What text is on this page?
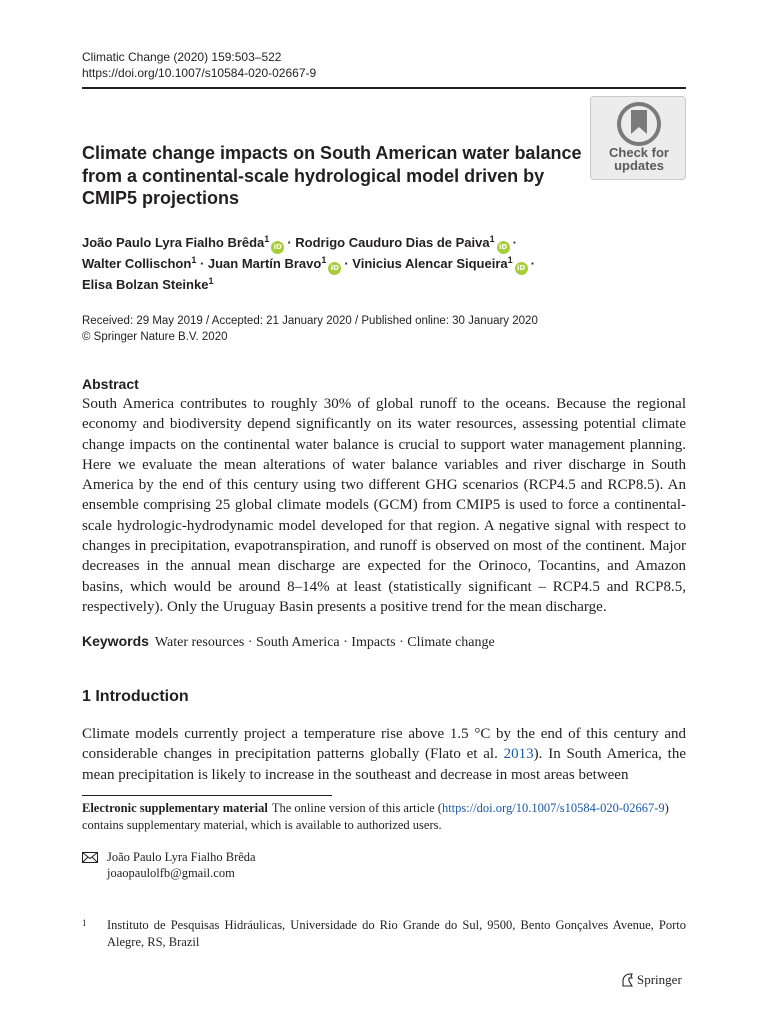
Climatic Change (2020) 159:503–522
https://doi.org/10.1007/s10584-020-02667-9
Check for
updates
Climate change impacts on South American water balance from a continental-scale hydrological model driven by CMIP5 projections
João Paulo Lyra Fialho Brêda$^1$iD · Rodrigo Cauduro Dias de Paiva$^1$iD ·
Walter Collischon$^1$ · Juan Martín Bravo$^1$iD · Vinicius Alencar Siqueira$^1$iD ·
Elisa Bolzan Steinke$^1$
Received: 29 May 2019 / Accepted: 21 January 2020 / Published online: 30 January 2020
© Springer Nature B.V. 2020
Abstract
South America contributes to roughly 30% of global runoff to the oceans. Because the regional economy and biodiversity depend significantly on its water resources, assessing potential climate change impacts on the continental water balance is crucial to support water management planning. Here we evaluate the mean alterations of water balance variables and river discharge in South America by the end of this century using two different GHG scenarios (RCP4.5 and RCP8.5). An ensemble comprising 25 global climate models (GCM) from CMIP5 is used to force a continental-scale hydrologic-hydrodynamic model developed for that region. A negative signal with respect to changes in precipitation, evapotranspiration, and runoff is observed on most of the continent. Major decreases in the annual mean discharge are expected for the Orinoco, Tocantins, and Amazon basins, which would be around 8–14% at least (statistically significant – RCP4.5 and RCP8.5, respectively). Only the Uruguay Basin presents a positive trend for the mean discharge.
Keywords Water resources · South America · Impacts · Climate change
1 Introduction
Climate models currently project a temperature rise above 1.5 °C by the end of this century and considerable changes in precipitation patterns globally (Flato et al. 2013). In South America, the mean precipitation is likely to increase in the southeast and decrease in most areas between
Electronic supplementary material The online version of this article (https://doi.org/10.1007/s10584-020-02667-9) contains supplementary material, which is available to authorized users.
João Paulo Lyra Fialho Brêda
joaopaulolfb@gmail.com
1 Instituto de Pesquisas Hidráulicas, Universidade do Rio Grande do Sul, 9500, Bento Gonçalves Avenue, Porto Alegre, RS, Brazil
Springer
